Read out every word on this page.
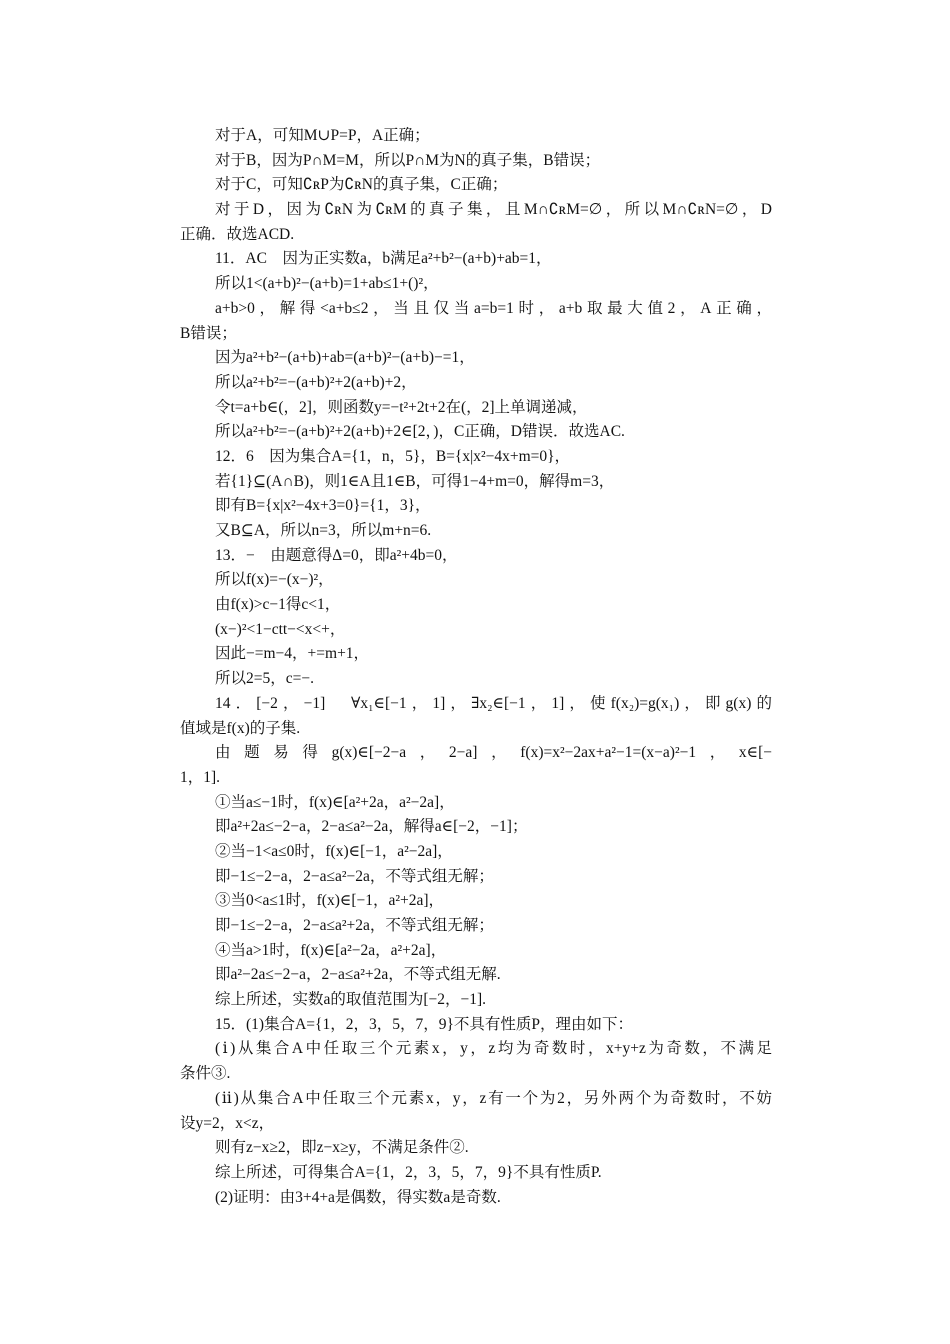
对于A，可知M∪P=P，A正确；
对于B，因为P∩M=M，所以P∩M为N的真子集，B错误；
对于C，可知∁ʀP为∁ʀN的真子集，C正确；
对于D，因为∁ʀN为∁ʀM的真子集，且M∩∁ʀM=∅，所以M∩∁ʀN=∅，D
正确．故选ACD.
11．AC　因为正实数a，b满足a²+b²−(a+b)+ab=1，
所以1<(a+b)²−(a+b)=1+ab≤1+()²，
a+b>0，解得<a+b≤2，当且仅当a=b=1时，a+b取最大值2，A正确，
B错误；
因为a²+b²−(a+b)+ab=(a+b)²−(a+b)−=1，
所以a²+b²=−(a+b)²+2(a+b)+2，
令t=a+b∈(，2]，则函数y=−t²+2t+2在(，2]上单调递减，
所以a²+b²=−(a+b)²+2(a+b)+2∈[2，)，C正确，D错误．故选AC.
12．6　因为集合A={1，n，5}，B={x|x²−4x+m=0}，
若{1}⊆(A∩B)，则1∈A且1∈B，可得1−4+m=0，解得m=3，
即有B={x|x²−4x+3=0}={1，3}，
又B⊆A，所以n=3，所以m+n=6.
13．−　由题意得Δ=0，即a²+4b=0，
所以f(x)=−(x−)²，
由f(x)>c−1得c<1，
(x−)²<1−ctt−<x<+，
因此−=m−4，+=m+1，
所以2=5，c=−.
14．[−2，−1]　∀x₁∈[−1，1]，∃x₂∈[−1，1]，使f(x₂)=g(x₁)，即g(x)的
值域是f(x)的子集.
由题易得g(x)∈[−2−a，2−a]，f(x)=x²−2ax+a²−1=(x−a)²−1，x∈[−
1，1].
①当a≤−1时，f(x)∈[a²+2a，a²−2a]，
即a²+2a≤−2−a，2−a≤a²−2a，解得a∈[−2，−1]；
②当−1<a≤0时，f(x)∈[−1，a²−2a]，
即−1≤−2−a，2−a≤a²−2a，不等式组无解；
③当0<a≤1时，f(x)∈[−1，a²+2a]，
即−1≤−2−a，2−a≤a²+2a，不等式组无解；
④当a>1时，f(x)∈[a²−2a，a²+2a]，
即a²−2a≤−2−a，2−a≤a²+2a，不等式组无解.
综上所述，实数a的取值范围为[−2，−1].
15．(1)集合A={1，2，3，5，7，9}不具有性质P，理由如下：
(ⅰ)从集合A中任取三个元素x，y，z均为奇数时，x+y+z为奇数，不满足
条件③.
(ⅱ)从集合A中任取三个元素x，y，z有一个为2，另外两个为奇数时，不妨
设y=2，x<z，
则有z−x≥2，即z−x≥y，不满足条件②.
综上所述，可得集合A={1，2，3，5，7，9}不具有性质P.
(2)证明：由3+4+a是偶数，得实数a是奇数.
